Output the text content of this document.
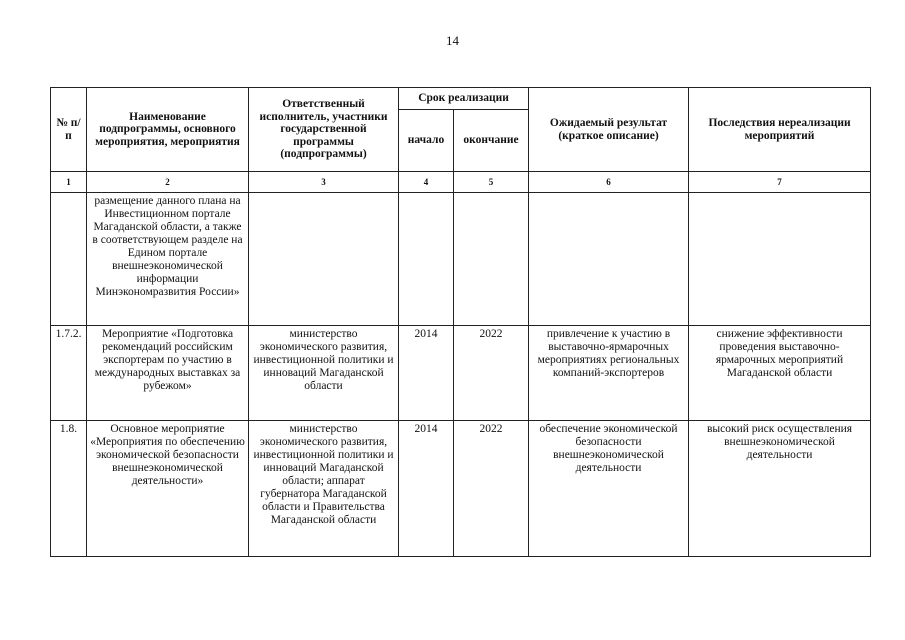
14
№ п/п	Наименование подпрограммы, основного мероприятия, мероприятия	Ответственный исполнитель, участники государственной программы (подпрограммы)	Срок реализации		Ожидаемый результат (краткое описание)	Последствия нереализации мероприятий
			начало	окончание		
1	2	3	4	5	6	7
	размещение данного плана на Инвестиционном портале Магаданской области, а также в соответствующем разделе на Едином портале внешнеэкономической информации Минэкономразвития России»					
1.7.2.	Мероприятие «Подготовка рекомендаций российским экспортерам по участию в международных выставках за рубежом»	министерство экономического развития, инвестиционной политики и инноваций Магаданской области	2014	2022	привлечение к участию в выставочно-ярмарочных мероприятиях региональных компаний-экспортеров	снижение эффективности проведения выставочно-ярмарочных мероприятий Магаданской области
1.8.	Основное мероприятие «Мероприятия по обеспечению экономической безопасности внешнеэкономической деятельности»	министерство экономического развития, инвестиционной политики и инноваций Магаданской области; аппарат губернатора Магаданской области и Правительства Магаданской области	2014	2022	обеспечение экономической безопасности внешнеэкономической деятельности	высокий риск осуществления внешнеэкономической деятельности
